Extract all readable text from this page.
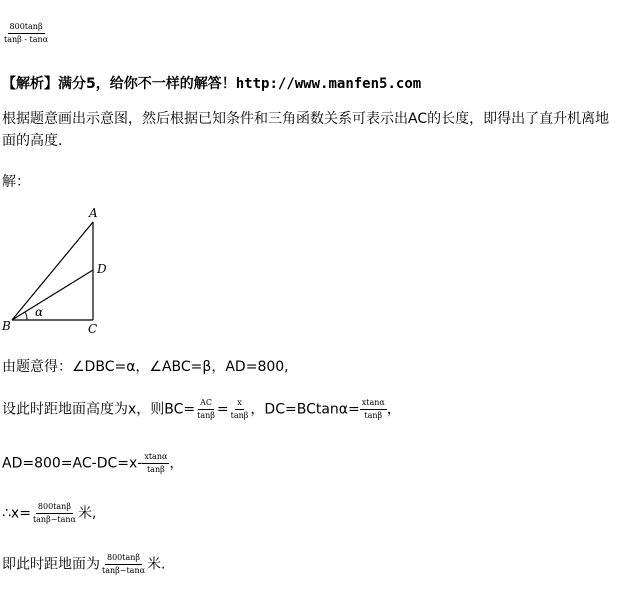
$\frac{800\tan\beta}{\tan\beta - \tan\alpha}$
【解析】满分5，给你不一样的解答！http://www.manfen5.com
根据题意画出示意图，然后根据已知条件和三角函数关系可表示出AC的长度，即得出了直升机离地面的高度.
解：
A
D
B	C
α
由题意得：∠DBC=α，∠ABC=β，AD=800,
设此时距地面高度为x，则$BC= \frac{AC}{\tan\beta} = \frac{x}{\tan\beta}$ ，$DC=BCtan\alpha= \frac{xtan\alpha}{\tan\beta}$ ，
$AD=800=AC-DC=x- \frac{xtan\alpha}{\tan\beta}$ ，
∴x= $\frac{800\tan\beta}{\tan\beta-\tan\alpha}$ 米,
即此时距地面为 $\frac{800\tan\beta}{\tan\beta-\tan\alpha}$ 米.
